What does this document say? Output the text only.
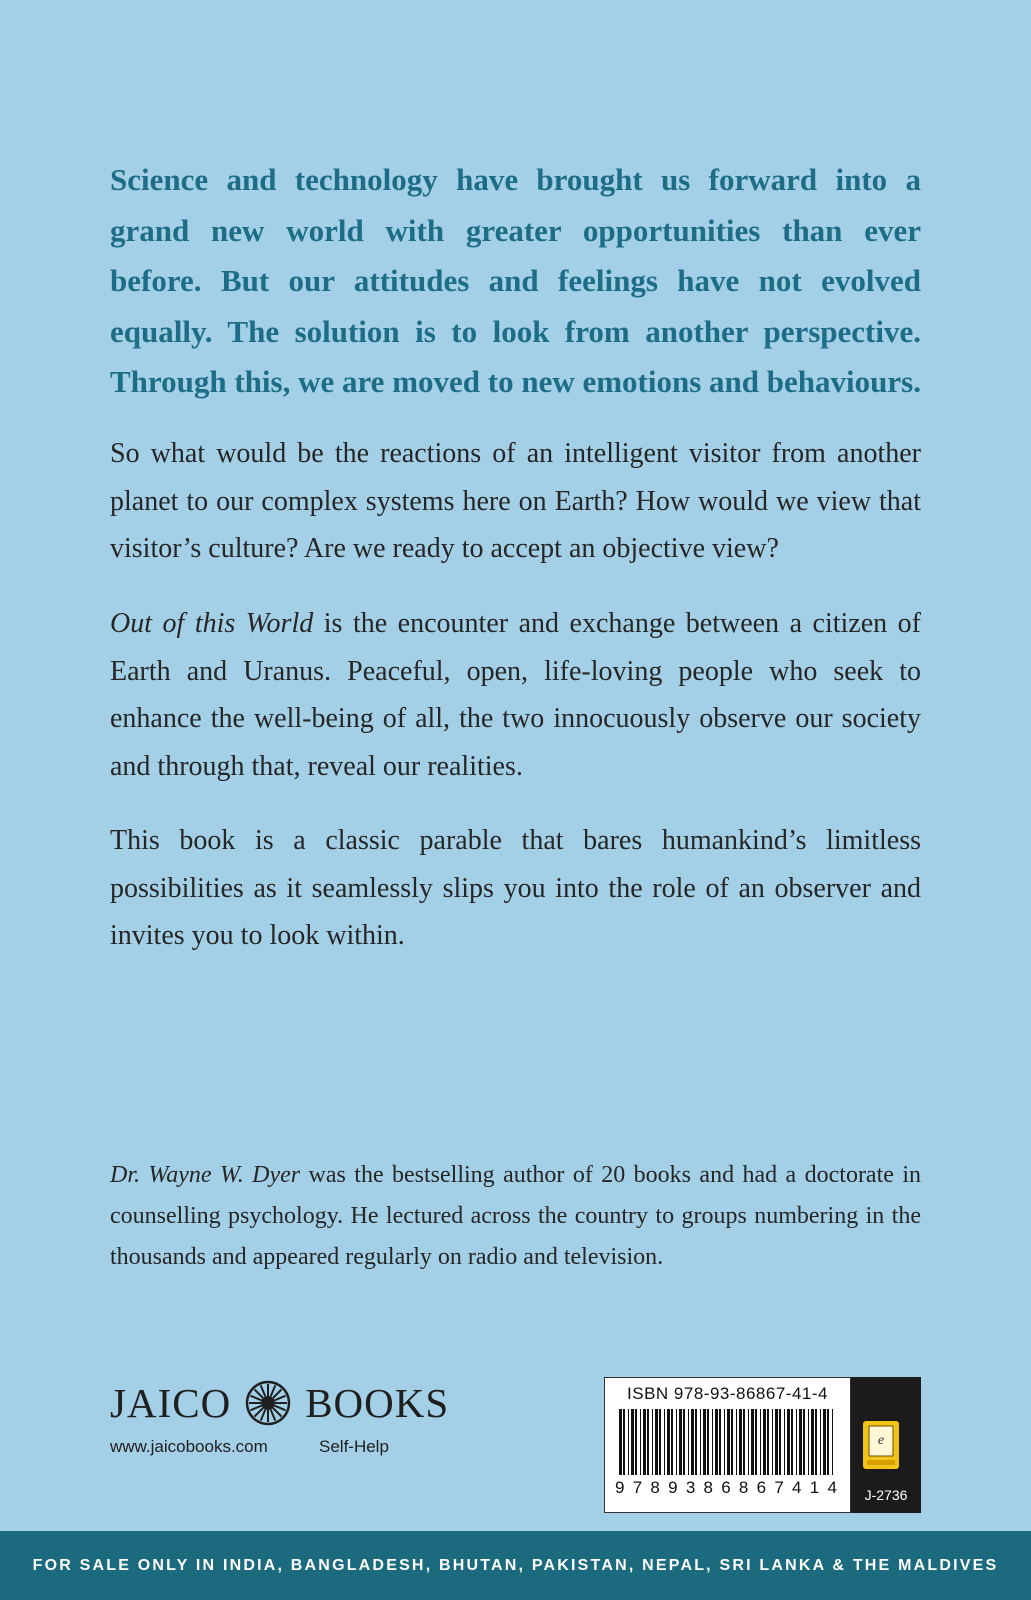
Science and technology have brought us forward into a grand new world with greater opportunities than ever before. But our attitudes and feelings have not evolved equally. The solution is to look from another perspective. Through this, we are moved to new emotions and behaviours.

So what would be the reactions of an intelligent visitor from another planet to our complex systems here on Earth? How would we view that visitor’s culture? Are we ready to accept an objective view?

Out of this World is the encounter and exchange between a citizen of Earth and Uranus. Peaceful, open, life-loving people who seek to enhance the well-being of all, the two innocuously observe our society and through that, reveal our realities.

This book is a classic parable that bares humankind’s limitless possibilities as it seamlessly slips you into the role of an observer and invites you to look within.

Dr. Wayne W. Dyer was the bestselling author of 20 books and had a doctorate in counselling psychology. He lectured across the country to groups numbering in the thousands and appeared regularly on radio and television.

JAICO BOOKS
www.jaicobooks.com	Self-Help
ISBN 978-93-86867-41-4
9 7 8 9 3 8 6 8 6 7 4 1 4
e
J-2736
FOR SALE ONLY IN INDIA, BANGLADESH, BHUTAN, PAKISTAN, NEPAL, SRI LANKA & THE MALDIVES
